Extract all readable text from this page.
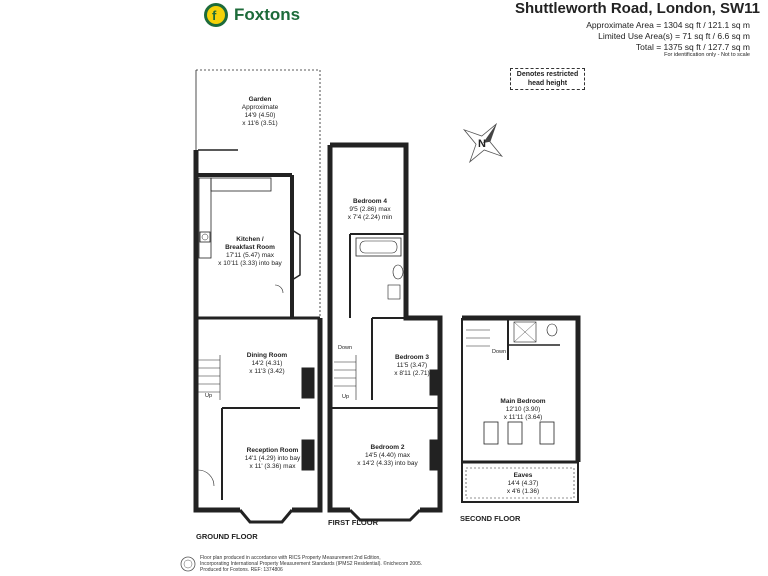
f Foxtons	Shuttleworth Road, London, SW11
Approximate Area = 1304 sq ft / 121.1 sq m
Limited Use Area(s) = 71 sq ft / 6.6 sq m
Total = 1375 sq ft / 127.7 sq m
For identification only - Not to scale
Denotes restricted head height
N
Garden
Approximate
14'9 (4.50)
x 11'6 (3.51)
Kitchen /
Breakfast Room
17'11 (5.47) max
x 10'11 (3.33) into bay
Dining Room
14'2 (4.31)
x 11'3 (3.42)
Reception Room
14'1 (4.29) into bay
x 11' (3.36) max
Bedroom 4
9'5 (2.86) max
x 7'4 (2.24) min
Bedroom 3
11'5 (3.47)
x 8'11 (2.71)
Bedroom 2
14'5 (4.40) max
x 14'2 (4.33) into bay
Main Bedroom
12'10 (3.90)
x 11'11 (3.64)
Eaves
14'4 (4.37)
x 4'6 (1.36)
Up
Down
Up
Down
GROUND FLOOR
FIRST FLOOR	SECOND FLOOR
Floor plan produced in accordance with RICS Property Measurement 2nd Edition,
Incorporating International Property Measurement Standards (IPMS2 Residential). ©nichecom 2005.
Produced for Foxtons. REF: 1374806
